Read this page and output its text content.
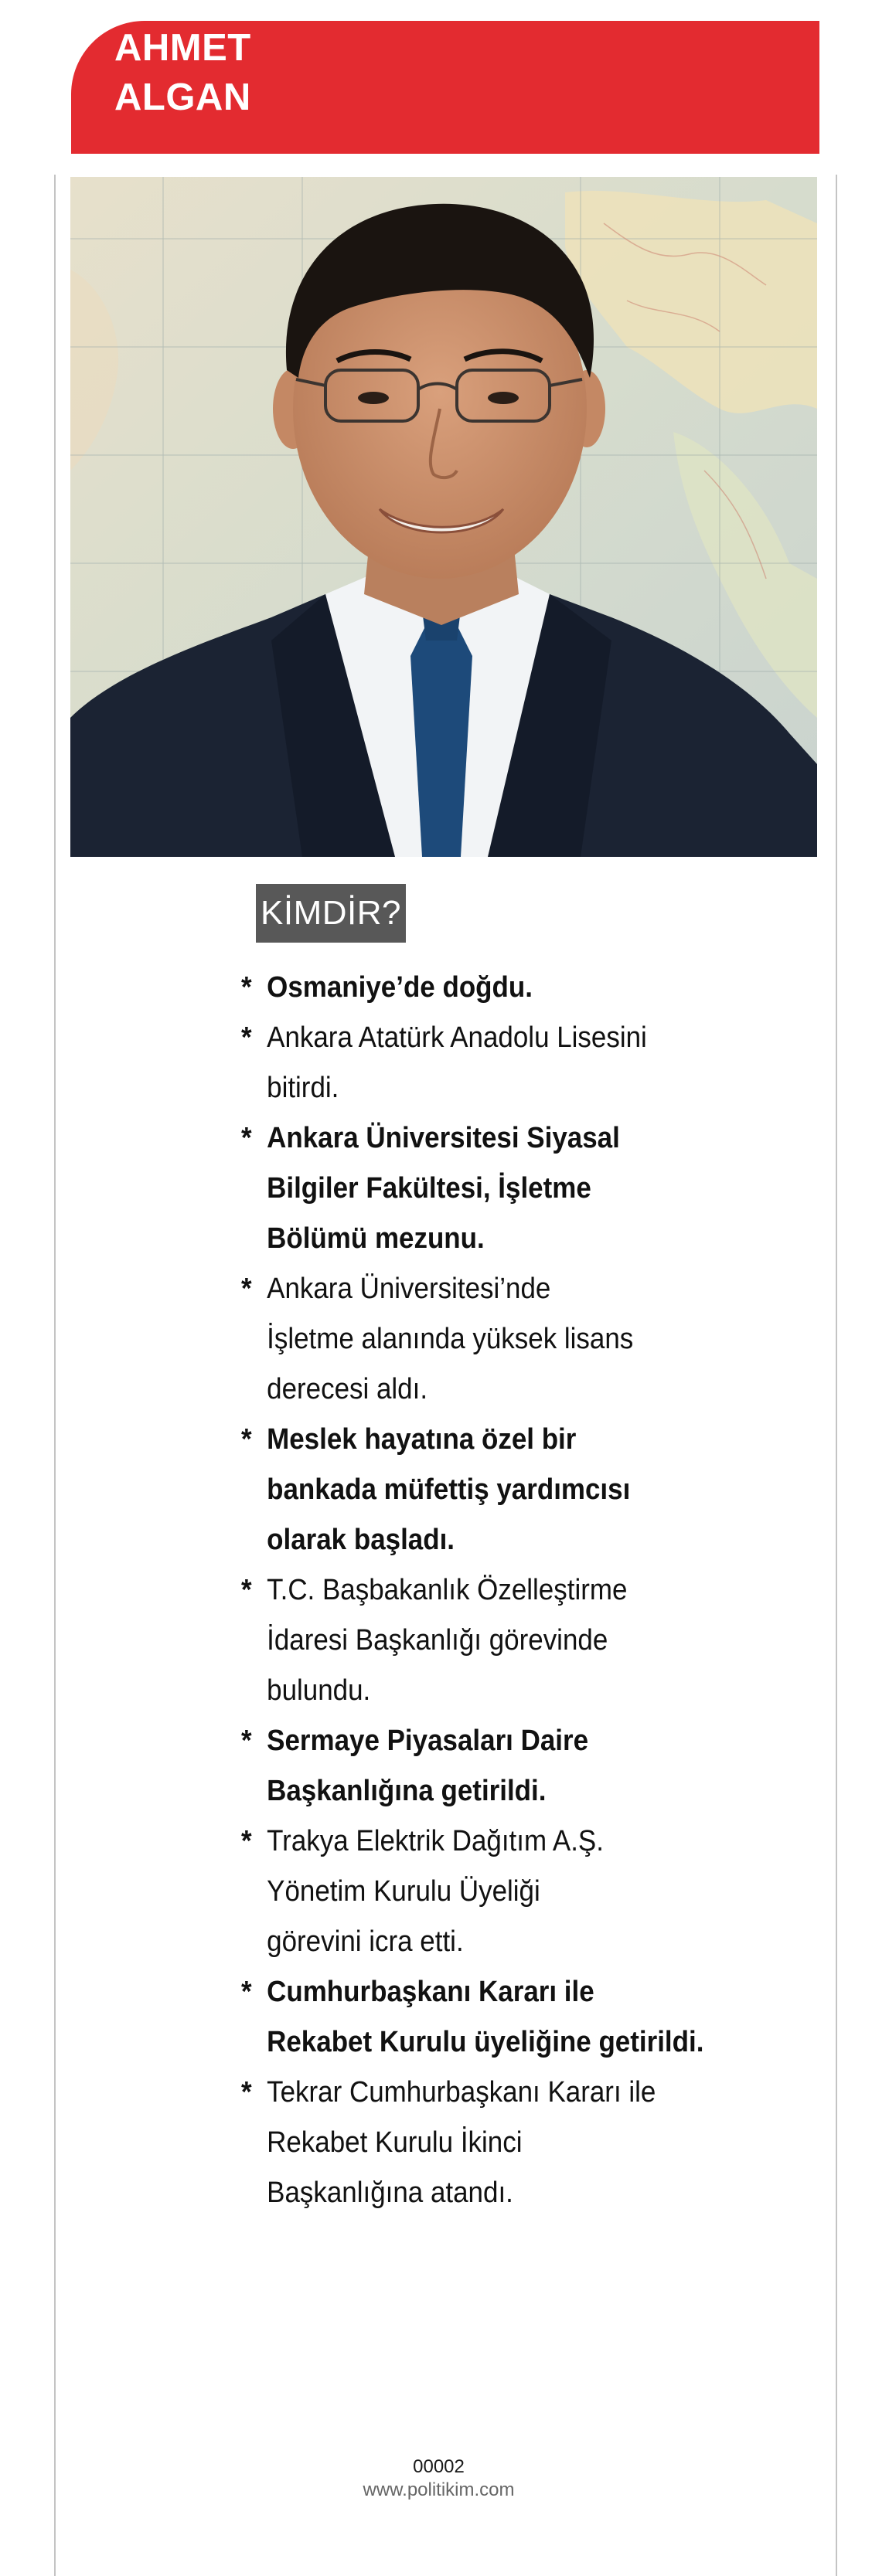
AHMET
ALGAN
KİMDİR?
* Osmaniye’de doğdu.
* Ankara Atatürk Anadolu Lisesini
bitirdi.
* Ankara Üniversitesi Siyasal
Bilgiler Fakültesi, İşletme
Bölümü mezunu.
* Ankara Üniversitesi’nde
İşletme alanında yüksek lisans
derecesi aldı.
* Meslek hayatına özel bir
bankada müfettiş yardımcısı
olarak başladı.
* T.C. Başbakanlık Özelleştirme
İdaresi Başkanlığı görevinde
bulundu.
* Sermaye Piyasaları Daire
Başkanlığına getirildi.
* Trakya Elektrik Dağıtım A.Ş.
Yönetim Kurulu Üyeliği
görevini icra etti.
* Cumhurbaşkanı Kararı ile
Rekabet Kurulu üyeliğine getirildi.
* Tekrar Cumhurbaşkanı Kararı ile
Rekabet Kurulu İkinci
Başkanlığına atandı.
00002
www.politikim.com
